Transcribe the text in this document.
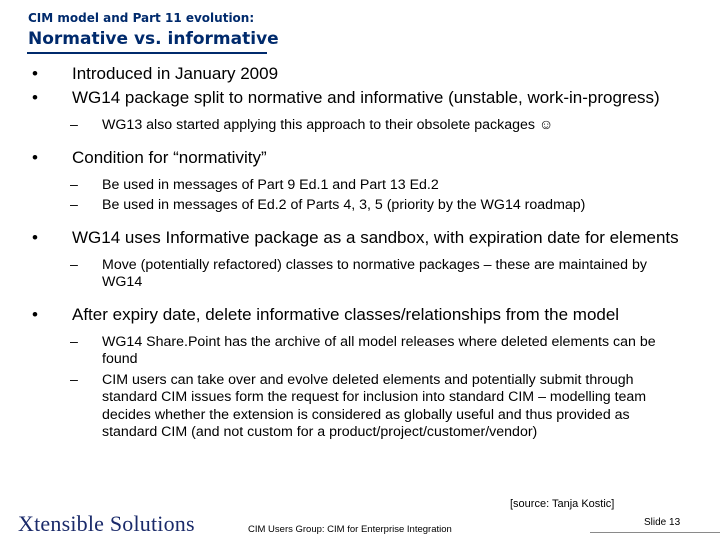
CIM model and Part 11 evolution:
Normative vs. informative
• Introduced in January 2009
• WG14 package split to normative and informative (unstable, work-in-progress)
– WG13 also started applying this approach to their obsolete packages ☺
• Condition for “normativity”
– Be used in messages of Part 9 Ed.1 and Part 13 Ed.2
– Be used in messages of Ed.2 of Parts 4, 3, 5 (priority by the WG14 roadmap)
• WG14 uses Informative package as a sandbox, with expiration date for elements
– Move (potentially refactored) classes to normative packages – these are maintained by WG14
• After expiry date, delete informative classes/relationships from the model
– WG14 Share.Point has the archive of all model releases where deleted elements can be found
– CIM users can take over and evolve deleted elements and potentially submit through standard CIM issues form the request for inclusion into standard CIM – modelling team decides whether the extension is considered as globally useful and thus provided as standard CIM (and not custom for a product/project/customer/vendor)
[source: Tanja Kostic]
Xtensible Solutions	CIM Users Group: CIM for Enterprise Integration
Slide 13
